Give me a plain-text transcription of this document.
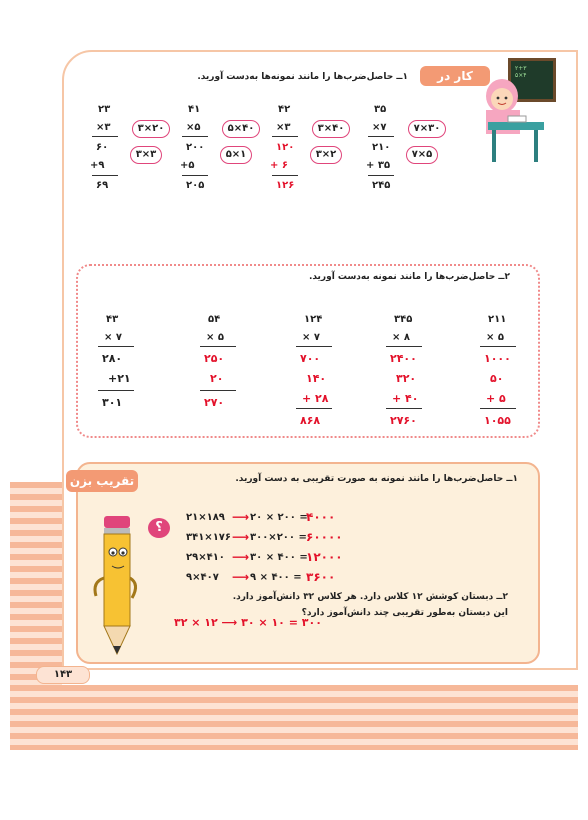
۲+۳
۵×۴
کار در کلاس
۱ــ حاصل‌ضرب‌ها را مانند نمونه‌ها به‌دست آورید.
۳۵
×۷
۲۱۰
+ ۳۵
۲۴۵
۷×۳۰
۷×۵
۴۲
×۳
۱۲۰
+ ۶
۱۲۶
۳×۴۰
۳×۲
۴۱
×۵
۲۰۰
+۵
۲۰۵
۵×۴۰
۵×۱
۲۳
×۳
۶۰
+۹
۶۹
۳×۲۰
۳×۳
۲ــ حاصل‌ضرب‌ها را مانند نمونه به‌دست آورید.
۲۱۱
× ۵
۱۰۰۰
۵۰
+ ۵
۱۰۵۵
۳۴۵
× ۸
۲۴۰۰
۳۲۰
+ ۴۰
۲۷۶۰
۱۲۴
× ۷
۷۰۰
۱۴۰
+ ۲۸
۸۶۸
۵۴
× ۵
۲۵۰
۲۰
۲۷۰
۴۳
× ۷
۲۸۰
+۲۱
۳۰۱
تقریب بزن	۱ــ حاصل‌ضرب‌ها را مانند نمونه به صورت تقریبی به دست آورید.
؟
۲۱×۱۸۹ ⟶ ۲۰ × ۲۰۰ =
۴۰۰۰
۳۴۱×۱۷۶ ⟶ ۳۰۰×۲۰۰ = ۶۰۰۰۰
۲۹×۴۱۰ ⟶ ۳۰ × ۴۰۰ =
۱۲۰۰۰
۹×۴۰۷ ⟶ ۹ × ۴۰۰ = ۳۶۰۰
۲ــ دبستان کوشش ۱۲ کلاس دارد. هر کلاس ۳۲ دانش‌آموز دارد.
این دبستان به‌طور تقریبی چند دانش‌آموز دارد؟
۳۲ × ۱۲ ⟶ ۳۰ × ۱۰ = ۳۰۰
۱۴۳
